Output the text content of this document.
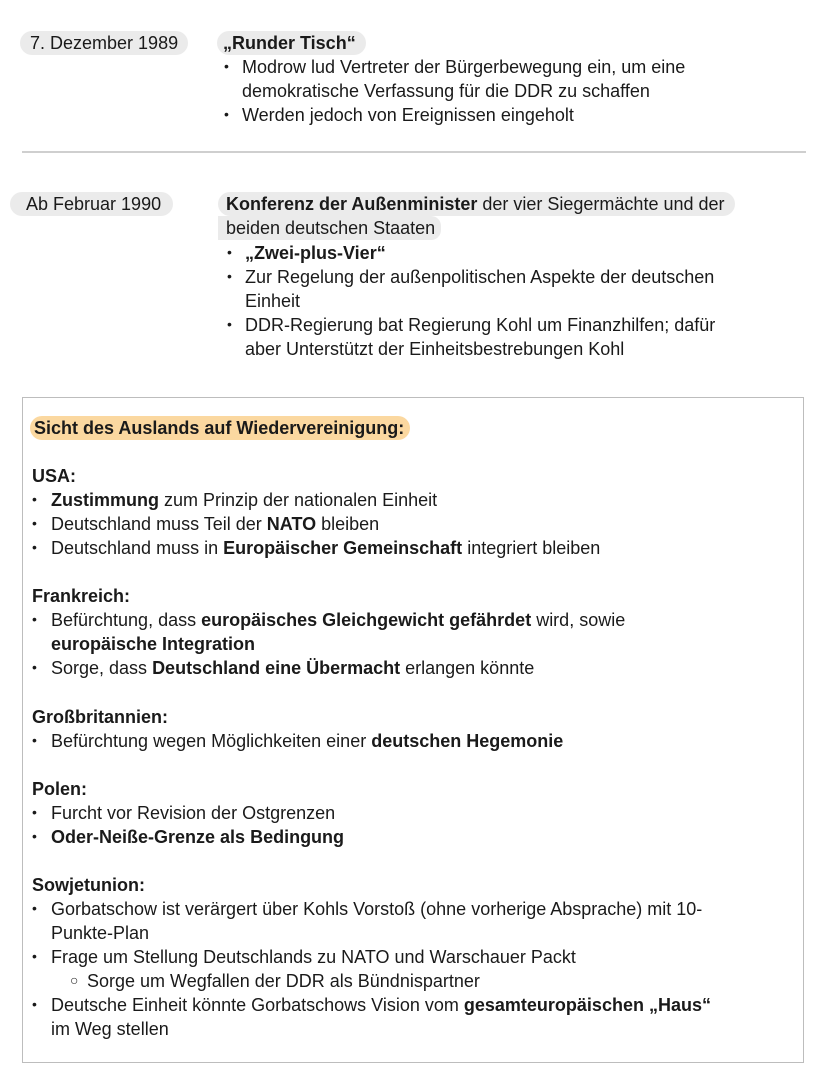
7. Dezember 1989	„Runder Tisch“
• Modrow lud Vertreter der Bürgerbewegung ein, um eine
demokratische Verfassung für die DDR zu schaffen
• Werden jedoch von Ereignissen eingeholt
Ab Februar 1990	Konferenz der Außenminister der vier Siegermächte und der
beiden deutschen Staaten
• „Zwei-plus-Vier“
• Zur Regelung der außenpolitischen Aspekte der deutschen
Einheit
• DDR-Regierung bat Regierung Kohl um Finanzhilfen; dafür
aber Unterstützt der Einheitsbestrebungen Kohl
Sicht des Auslands auf Wiedervereinigung:
USA:
• Zustimmung zum Prinzip der nationalen Einheit
• Deutschland muss Teil der NATO bleiben
• Deutschland muss in Europäischer Gemeinschaft integriert bleiben
Frankreich:
• Befürchtung, dass europäisches Gleichgewicht gefährdet wird, sowie
europäische Integration
• Sorge, dass Deutschland eine Übermacht erlangen könnte
Großbritannien:
• Befürchtung wegen Möglichkeiten einer deutschen Hegemonie
Polen:
• Furcht vor Revision der Ostgrenzen
• Oder-Neiße-Grenze als Bedingung
Sowjetunion:
• Gorbatschow ist verärgert über Kohls Vorstoß (ohne vorherige Absprache) mit 10-
Punkte-Plan
• Frage um Stellung Deutschlands zu NATO und Warschauer Packt
○ Sorge um Wegfallen der DDR als Bündnispartner
• Deutsche Einheit könnte Gorbatschows Vision vom gesamteuropäischen „Haus“
im Weg stellen
